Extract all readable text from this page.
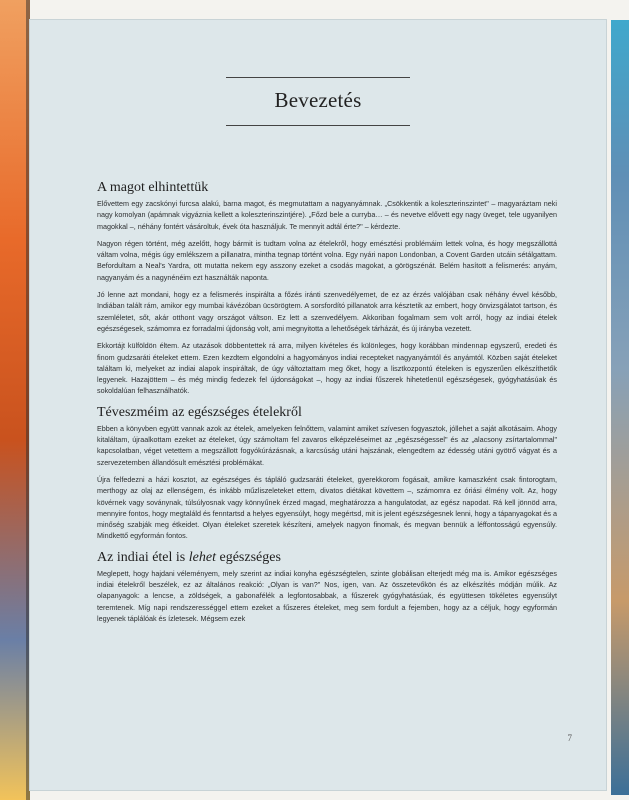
Bevezetés
A magot elhintettük

Elővettem egy zacskónyi furcsa alakú, barna magot, és megmutattam a nagyanyámnak. „Csökkentik a koleszterinszintet" – magyaráztam neki nagy komolyan (apámnak vigyáznia kellett a koleszterinszintjére). „Főzd bele a curryba… – és nevetve elővett egy nagy üveget, tele ugyanilyen magokkal –, néhány fontért vásároltuk, évek óta használjuk. Te mennyit adtál érte?" – kérdezte.

Nagyon régen történt, még azelőtt, hogy bármit is tudtam volna az ételekről, hogy emésztési problémáim lettek volna, és hogy megszállottá váltam volna, mégis úgy emlékszem a pillanatra, mintha tegnap történt volna. Egy nyári napon Londonban, a Covent Garden utcáin sétálgattam. Befordultam a Neal's Yardra, ott mutatta nekem egy asszony ezeket a csodás magokat, a görögszénát. Belém hasított a felismerés: anyám, nagyanyám és a nagynénéim ezt használták naponta.

Jó lenne azt mondani, hogy ez a felismerés inspirálta a főzés iránti szenvedélyemet, de ez az érzés valójában csak néhány évvel később, Indiában talált rám, amikor egy mumbai kávézóban ücsörögtem. A sorsfordító pillanatok arra késztetik az embert, hogy önvizsgálatot tartson, és szemléletet, sőt, akár otthont vagy országot váltson. Ez lett a szenvedélyem. Akkoriban fogalmam sem volt arról, hogy az indiai ételek egészségesek, számomra ez forradalmi újdonság volt, ami megnyitotta a lehetőségek tárházát, és új irányba vezetett.

Ekkortájt külföldön éltem. Az utazások döbbentettek rá arra, milyen kivételes és különleges, hogy korábban mindennap egyszerű, eredeti és finom gudzsaráti ételeket ettem. Ezen kezdtem elgondolni a hagyományos indiai recepteket nagyanyámtól és anyámtól. Közben saját ételeket találtam ki, melyeket az indiai alapok inspiráltak, de úgy változtattam meg őket, hogy a lisztkozpontú ételeken is egyszerűen elkészíthetők legyenek. Hazajöttem – és még mindig fedezek fel újdonságokat –, hogy az indiai fűszerek hihetetlenül egészségesek, gyógyhatásúak és sokoldalúan felhasználhatók.

Téveszméim az egészséges ételekről

Ebben a könyvben együtt vannak azok az ételek, amelyeken felnőttem, valamint amiket szívesen fogyasztok, jóllehet a saját alkotásaim. Ahogy kitaláltam, újraalkottam ezeket az ételeket, úgy számoltam fel zavaros elképzeléseimet az „egészségessel" és az „alacsony zsírtartalommal" kapcsolatban, véget vetettem a megszállott fogyókúrázásnak, a karcsúság utáni hajszának, elengedtem az édesség utáni gyötrő vágyat és a szervezetemben állandósult emésztési problémákat.

Újra felfedezni a házi kosztot, az egészséges és tápláló gudzsaráti ételeket, gyerekkorom fogásait, amikre kamaszként csak fintorogtam, merthogy az olaj az ellenségem, és inkább műzliszeleteket ettem, divatos diétákat követtem –, számomra ez óriási élmény volt. Az, hogy kövérnek vagy soványnak, túlsúlyosnak vagy könnyűnek érzed magad, meghatározza a hangulatodat, az egész napodat. Rá kell jönnöd arra, mennyire fontos, hogy megtaláld és fenntartsd a helyes egyensúlyt, hogy megértsd, mit is jelent egészségesnek lenni, hogy a tápanyagokat és a minőség szabják meg étkeidet. Olyan ételeket szeretek készíteni, amelyek nagyon finomak, és megvan bennük a léffontosságú egyensúly. Mindkettő egyformán fontos.

Az indiai étel is lehet egészséges

Meglepett, hogy hajdani véleményem, mely szerint az indiai konyha egészségtelen, szinte globálisan elterjedt még ma is. Amikor egészséges indiai ételekről beszélek, ez az általános reakció: „Olyan is van?" Nos, igen, van. Az összetevőkön és az elkészítés módján múlik. Az olapanyagok: a lencse, a zöldségek, a gabonafélék a legfontosabbak, a fűszerek gyógyhatásúak, és együttesen tökéletes egyensúlyt teremtenek. Míg napi rendszerességgel ettem ezeket a fűszeres ételeket, meg sem fordult a fejemben, hogy az a céljuk, hogy egyformán legyenek táplálóak és ízletesek. Mégsem ezek

7
